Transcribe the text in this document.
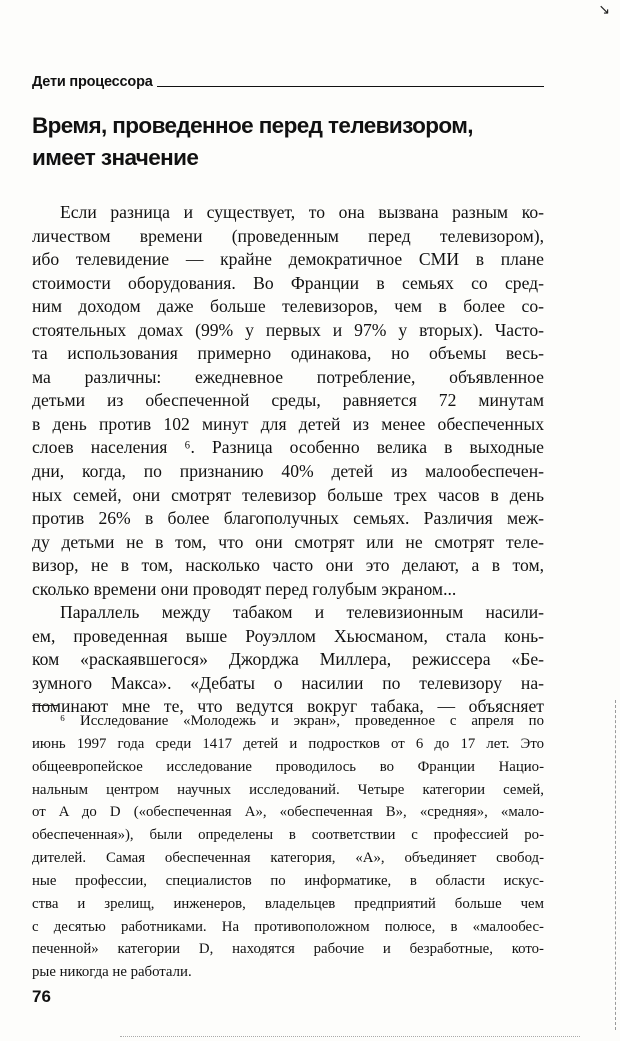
↘
Дети процессора
Время, проведенное перед телевизором,
имеет значение
Если разница и существует, то она вызвана разным ко-
личеством времени (проведенным перед телевизором),
ибо телевидение — крайне демократичное СМИ в плане
стоимости оборудования. Во Франции в семьях со сред-
ним доходом даже больше телевизоров, чем в более со-
стоятельных домах (99% у первых и 97% у вторых). Часто-
та использования примерно одинакова, но объемы весь-
ма различны: ежедневное потребление, объявленное
детьми из обеспеченной среды, равняется 72 минутам
в день против 102 минут для детей из менее обеспеченных
слоев населения ⁶. Разница особенно велика в выходные
дни, когда, по признанию 40% детей из малообеспечен-
ных семей, они смотрят телевизор больше трех часов в день
против 26% в более благополучных семьях. Различия меж-
ду детьми не в том, что они смотрят или не смотрят теле-
визор, не в том, насколько часто они это делают, а в том,
сколько времени они проводят перед голубым экраном...
Параллель между табаком и телевизионным насили-
ем, проведенная выше Роуэллом Хьюсманом, стала конь-
ком «раскаявшегося» Джорджа Миллера, режиссера «Бе-
зумного Макса». «Дебаты о насилии по телевизору на-
поминают мне те, что ведутся вокруг табака, — объясняет
⁶ Исследование «Молодежь и экран», проведенное с апреля по
июнь 1997 года среди 1417 детей и подростков от 6 до 17 лет. Это
общеевропейское исследование проводилось во Франции Нацио-
нальным центром научных исследований. Четыре категории семей,
от A до D («обеспеченная A», «обеспеченная B», «средняя», «мало-
обеспеченная»), были определены в соответствии с профессией ро-
дителей. Самая обеспеченная категория, «A», объединяет свобод-
ные профессии, специалистов по информатике, в области искус-
ства и зрелищ, инженеров, владельцев предприятий больше чем
с десятью работниками. На противоположном полюсе, в «малообес-
печенной» категории D, находятся рабочие и безработные, кото-
рые никогда не работали.
76
